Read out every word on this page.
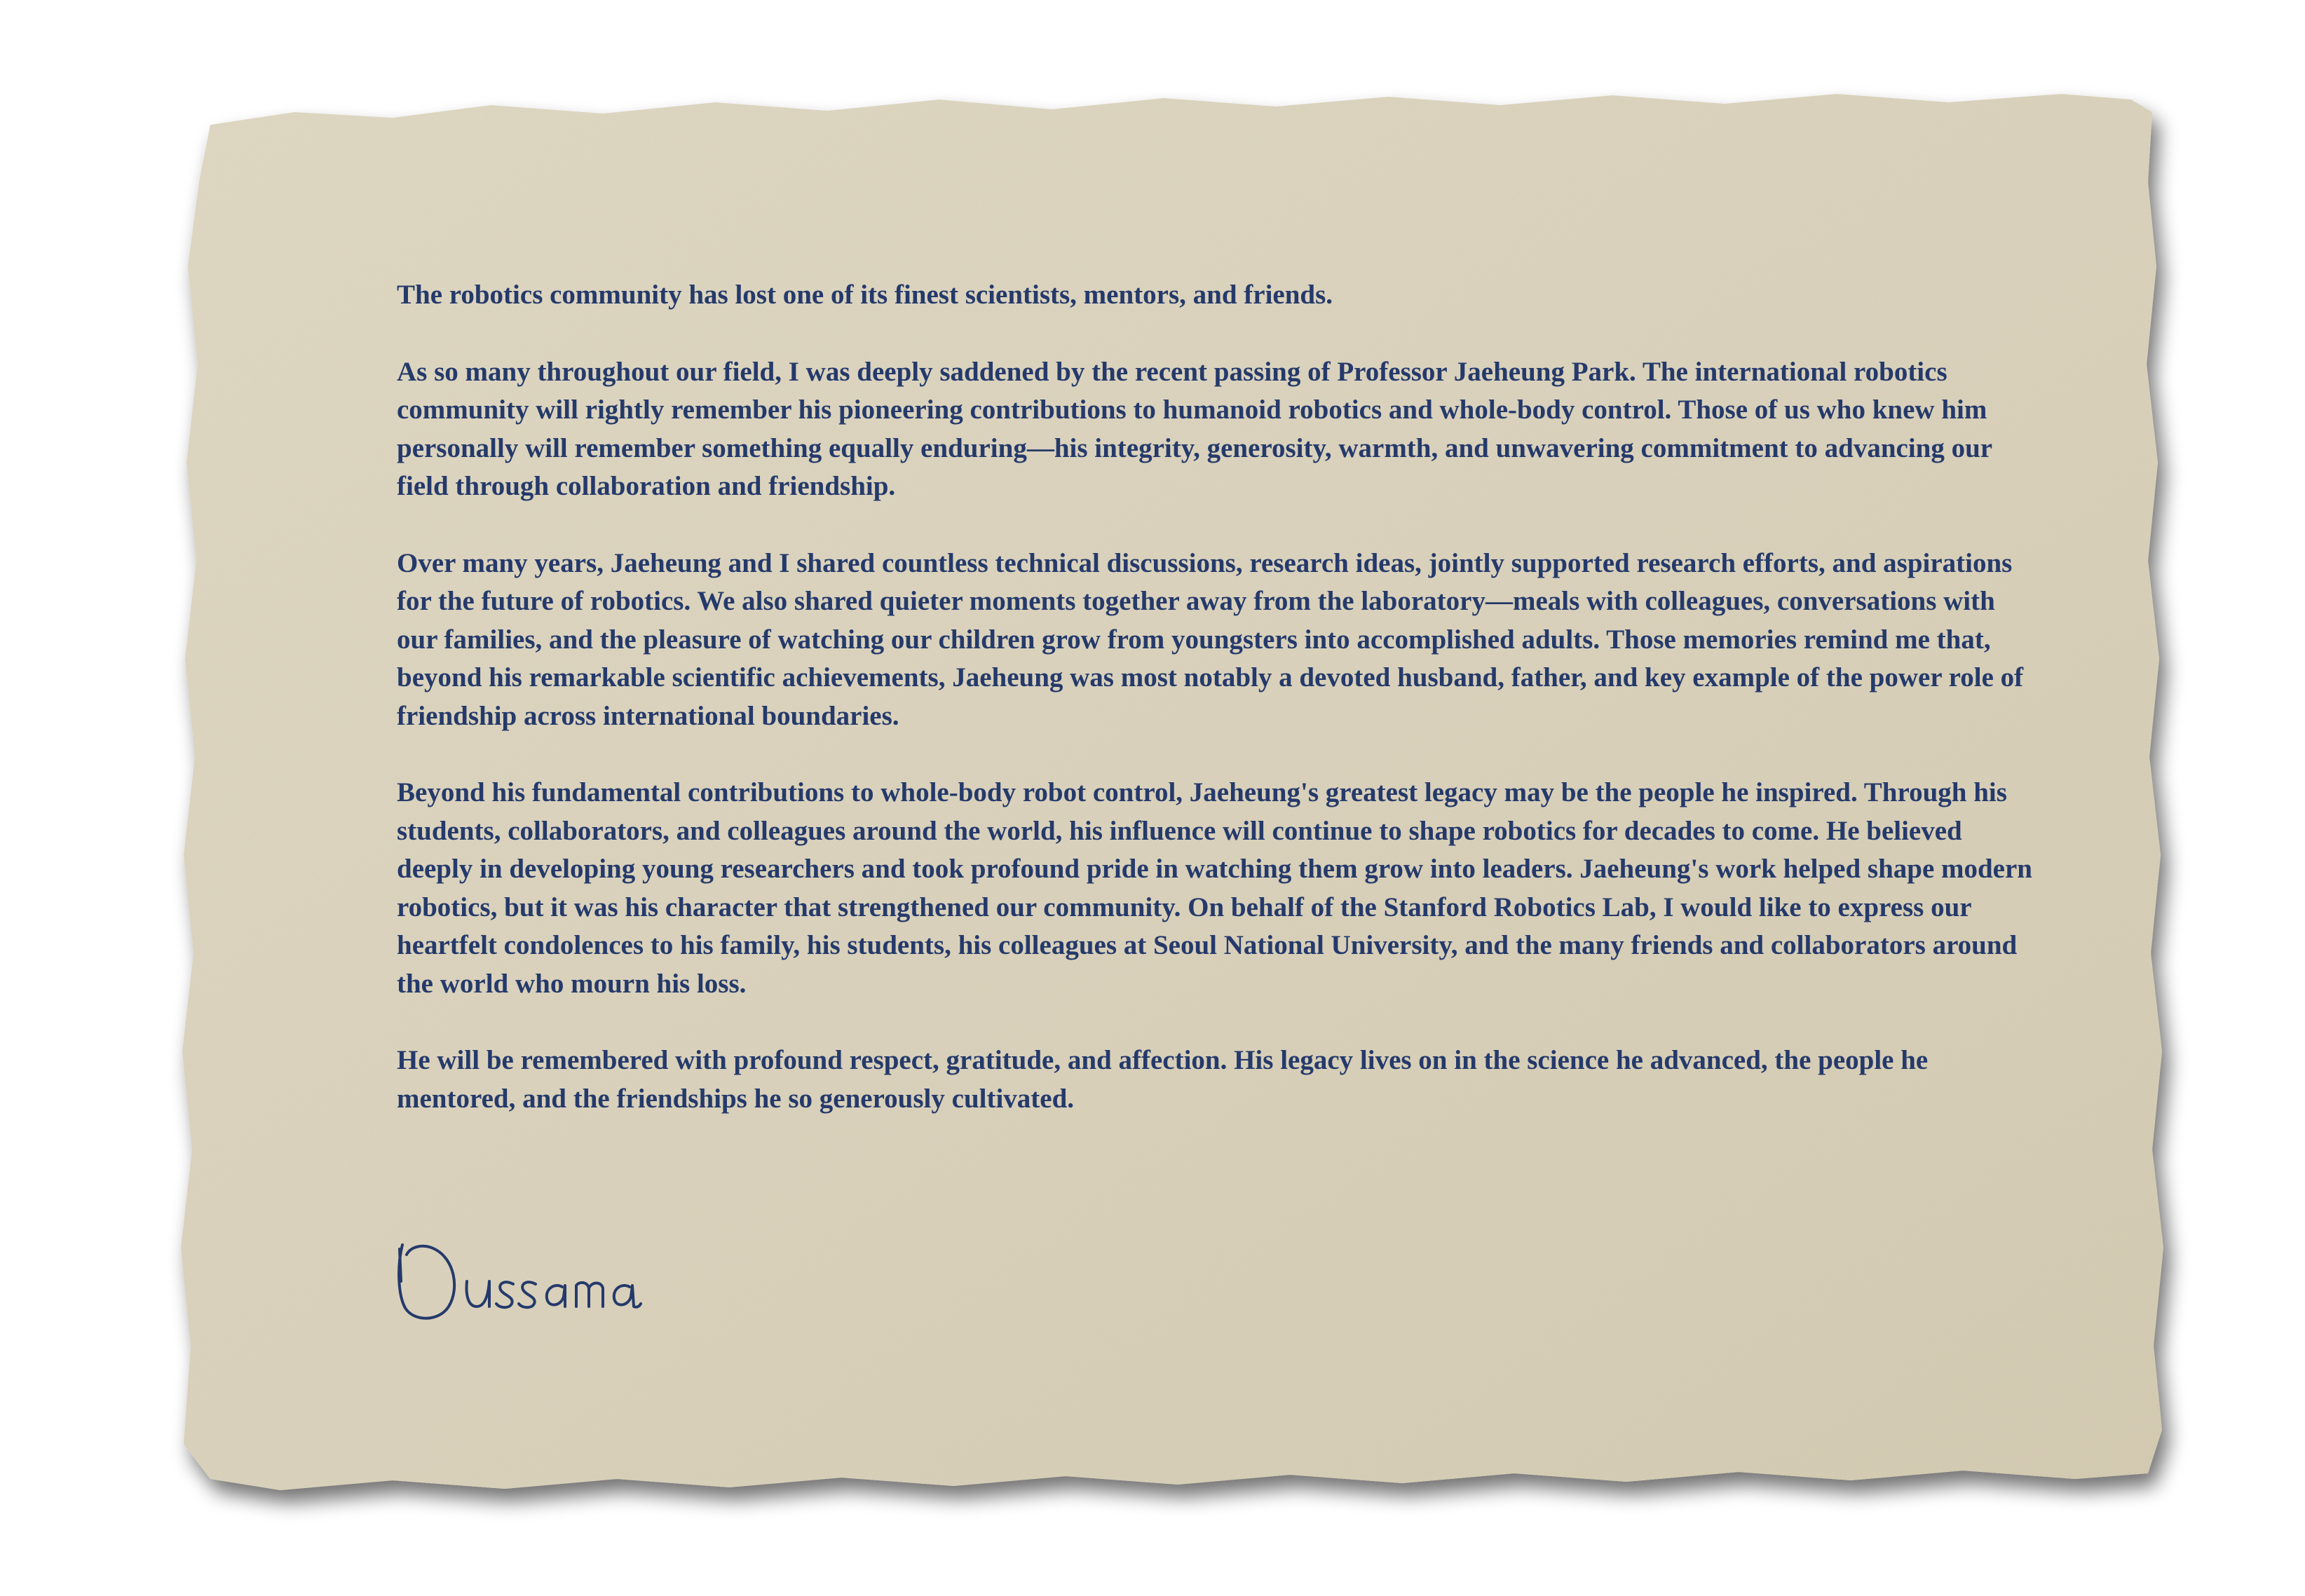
The robotics community has lost one of its finest scientists, mentors, and friends.

As so many throughout our field, I was deeply saddened by the recent passing of Professor Jaeheung Park. The international robotics community will rightly remember his pioneering contributions to humanoid robotics and whole-body control. Those of us who knew him personally will remember something equally enduring—his integrity, generosity, warmth, and unwavering commitment to advancing our field through collaboration and friendship.

Over many years, Jaeheung and I shared countless technical discussions, research ideas, jointly supported research efforts, and aspirations for the future of robotics. We also shared quieter moments together away from the laboratory—meals with colleagues, conversations with our families, and the pleasure of watching our children grow from youngsters into accomplished adults. Those memories remind me that, beyond his remarkable scientific achievements, Jaeheung was most notably a devoted husband, father, and key example of the power role of friendship across international boundaries.

Beyond his fundamental contributions to whole-body robot control, Jaeheung's greatest legacy may be the people he inspired. Through his students, collaborators, and colleagues around the world, his influence will continue to shape robotics for decades to come. He believed deeply in developing young researchers and took profound pride in watching them grow into leaders. Jaeheung's work helped shape modern robotics, but it was his character that strengthened our community. On behalf of the Stanford Robotics Lab, I would like to express our heartfelt condolences to his family, his students, his colleagues at Seoul National University, and the many friends and collaborators around the world who mourn his loss.

He will be remembered with profound respect, gratitude, and affection. His legacy lives on in the science he advanced, the people he mentored, and the friendships he so generously cultivated.
